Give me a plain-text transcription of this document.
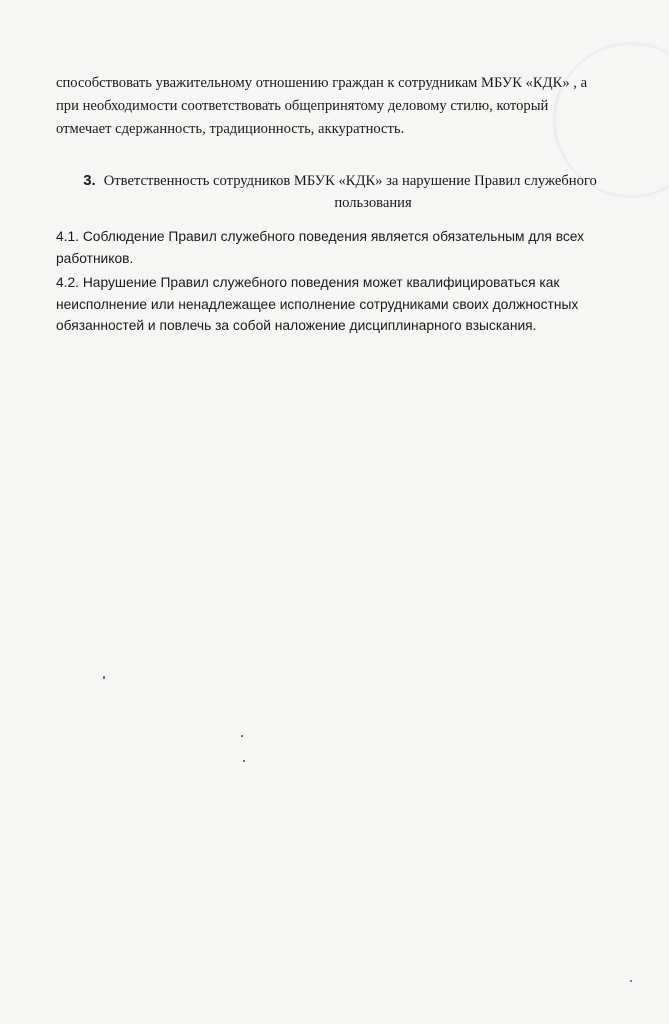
способствовать уважительному отношению граждан к сотрудникам МБУК «КДК» , а

при необходимости соответствовать общепринятому деловому стилю, который

отмечает сдержанность, традиционность, аккуратность.

3. Ответственность сотрудников МБУК «КДК» за нарушение Правил служебного
пользования

4.1. Соблюдение Правил служебного поведения является обязательным для всех
работников.

4.2. Нарушение Правил служебного поведения может квалифицироваться как
неисполнение или ненадлежащее исполнение сотрудниками своих должностных
обязанностей и повлечь за собой наложение дисциплинарного взыскания.
